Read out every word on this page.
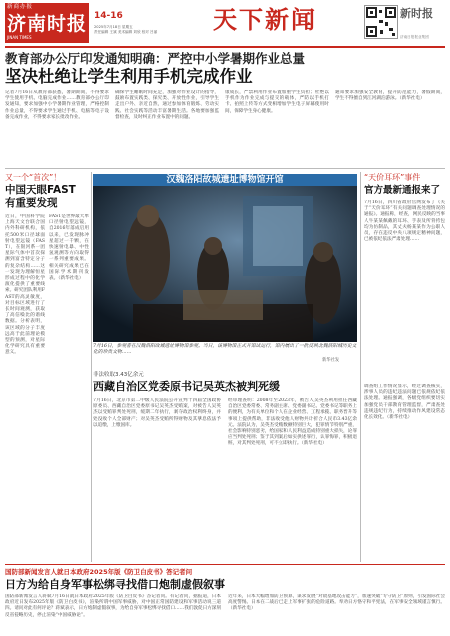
新商办报
济南时报
JINAN TIMES
14-16
2025年7月18日 星期五
责任编辑 王斌 美术编辑 刘欣 校对 吕丽	天下新闻	新时报
济南日报报业集团
教育部办公厅印发通知明确：严控中小学暑期作业总量
坚决杜绝让学生利用手机完成作业
记者7月16日从教育部获悉，暑期期间，不得要求学生使用手机、电脑完成作业……教育部办公厅印发通知，要求加强中小学暑期作业管理，严格控制作业总量，不得要求学生通过手机、电脑等电子设备完成作业，不得要求家长批改作业。
确保学生睡眠时间充足，加强对作业设计的指导，鼓励布置实践类、探究类、开放性作业，引导学生走出户外、亲近自然，通过参加体育锻炼、劳动实践、社会实践等活动丰富暑期生活。各地要加强监督检查，及时纠正作业布置中的问题。
康成长，严禁利用作业布置加重学生负担；杜绝以手机作为作业完成与提交的载体，严防以手机打卡、拍照上传等方式变相增加学生电子屏幕使用时间，保障学生身心健康。
通知要求加强安全教育，提升防范能力，暑假期间，学生不得擅自到江河湖泊游泳。（新华社电）
又一个“首次”！
中国天眼FAST
有重要发现
近日，中国科学院上海天文台联合国内外科研机构，依托500米口径球面射电望远镜（FAST），在银河系一团星际气体中首次探测到富含特定分子的复杂结构……这一发现为理解恒星形成过程中的化学演化提供了重要线索。研究团队利用FAST的高灵敏度，对目标区域进行了长时间观测，获取了高信噪比的谱线数据。分析表明，该区域的分子丰度远高于此前理论模型的预测，对星际化学研究具有重要意义。
FAST是世界最大单口径射电望远镜，自2016年落成启用以来，已发现脉冲星超过一千颗，在快速射电暴、中性氢观测等方向取得一系列重要成果。相关研究成果已在国际学术期刊发表。（新华社电）
汉魏洛阳故城遗址博物馆开馆
7月16日，参观者在汉魏洛阳故城遗址博物馆参观。当日，该博物馆正式开馆试运行，馆内展出了一批反映北魏洛阳城历史文化的珍贵文物……
新华社发
非法收取3.43亿余元
西藏自治区党委原书记吴英杰被判死缓
7月16日，北京市第二中级人民法院公开宣判十四届全国政协原委员、西藏自治区党委原书记吴英杰受贿案，对被告人吴英杰以受贿罪判处死刑，缓期二年执行，剥夺政治权利终身，并处没收个人全部财产；对吴英杰受贿所得财物及其孳息依法予以追缴，上缴国库。
经审理查明：2008年至2023年，被告人吴英杰利用担任西藏自治区党委常委、常务副主席、党委副书记、党委书记等职务上的便利，为有关单位和个人在企业经营、工程承揽、职务晋升等事项上提供帮助，非法收受他人财物共计折合人民币3.43亿余元。法院认为，吴英杰受贿数额特别巨大，犯罪情节特别严重，社会影响特别恶劣，给国家和人民利益造成特别重大损失，论罪应当判处死刑；鉴于其到案后如实供述罪行，认罪悔罪，积极退赃，对其判处死刑，可不立即执行。（新华社电）
“天价耳环”事件
官方最新通报来了
7月16日，四川省政府官网发布了《关于“天价耳环”有关问题调查处理情况的通报》。通报称，经查，网民反映的当事人牛某某佩戴的耳环、手表及所背挎包均为仿制品，其丈夫杨某某作为公职人员，存在违反中央八项规定精神问题，已被依纪依法严肃处理……
调查组工作情况显示，经过调查核实，涉事人员的违纪违法问题已依规依纪依法处理。通报强调，各级党组织要切实加强党员干部教育管理监督，严肃查处违规违纪行为，持续推动作风建设常态化长效化。（新华社电）
国防部新闻发言人就日本政府2025年版《防卫白皮书》答记者问
日方为给自身军事松绑寻找借口炮制虚假叙事
国防部新闻发言人蒋斌7月16日就日本政府2025年版《防卫白皮书》答记者问。有记者问，据报道，日本政府近日发布2025年版《防卫白皮书》，渲染所谓中国军事威胁，对中国正常国防建设和军事活动说三道四。请问对此有何评论？蒋斌表示，日方炮制虚假叙事，为给自身军事松绑寻找借口……我们敦促日方深刻反省侵略历史，停止渲染“中国威胁论”。
近年来，日本大幅增加防卫预算，谋求发展“对敌基地攻击能力”，加速突破“专守防卫”原则，引发国际社会高度警惕。日本在二战后已走上军事扩张的危险道路。奉劝日方恪守和平宪法，在军事安全领域谨言慎行。（新华社电）
